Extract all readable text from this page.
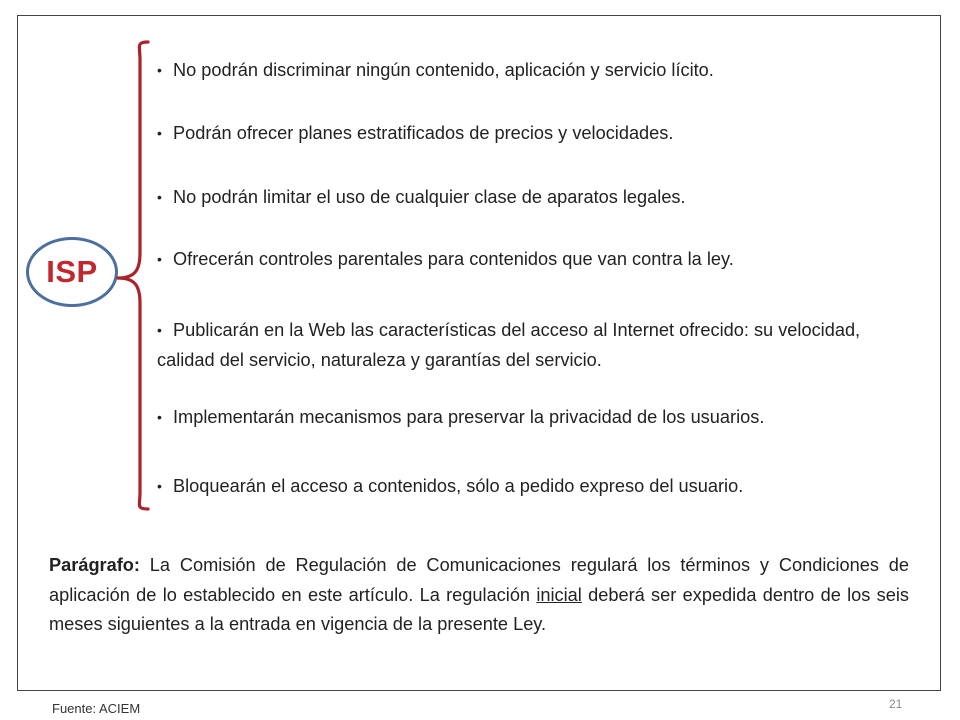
ISP
• No podrán discriminar ningún contenido, aplicación y servicio lícito.
• Podrán ofrecer planes estratificados de precios y velocidades.
• No podrán limitar el uso de cualquier clase de aparatos legales.
• Ofrecerán controles parentales para contenidos que van contra la ley.
• Publicarán en la Web las características del acceso al Internet ofrecido: su velocidad, calidad del servicio, naturaleza y garantías del servicio.
• Implementarán mecanismos para preservar la privacidad de los usuarios.
• Bloquearán el acceso a contenidos, sólo a pedido expreso del usuario.
Parágrafo: La Comisión de Regulación de Comunicaciones regulará los términos y Condiciones de aplicación de lo establecido en este artículo. La regulación inicial deberá ser expedida dentro de los seis meses siguientes a la entrada en vigencia de la presente Ley.
Fuente: ACIEM	21
